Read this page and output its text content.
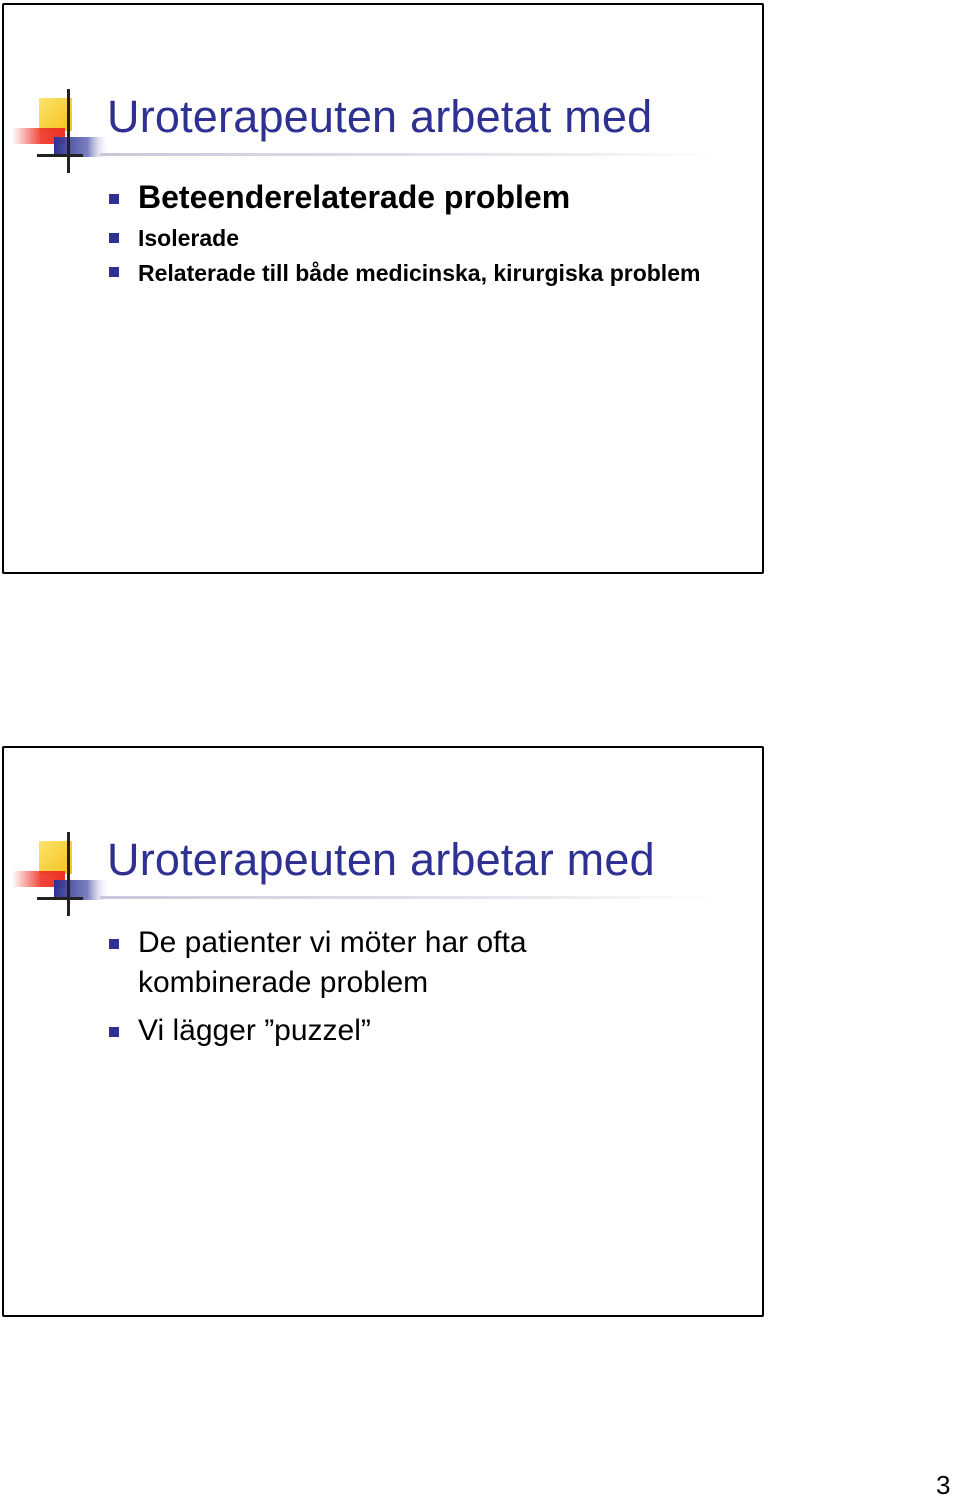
Uroterapeuten arbetat med
Beteenderelaterade problem
Isolerade
Relaterade till både medicinska, kirurgiska problem
Uroterapeuten arbetar med
De patienter vi möter har ofta kombinerade problem
Vi lägger ”puzzel”
3
